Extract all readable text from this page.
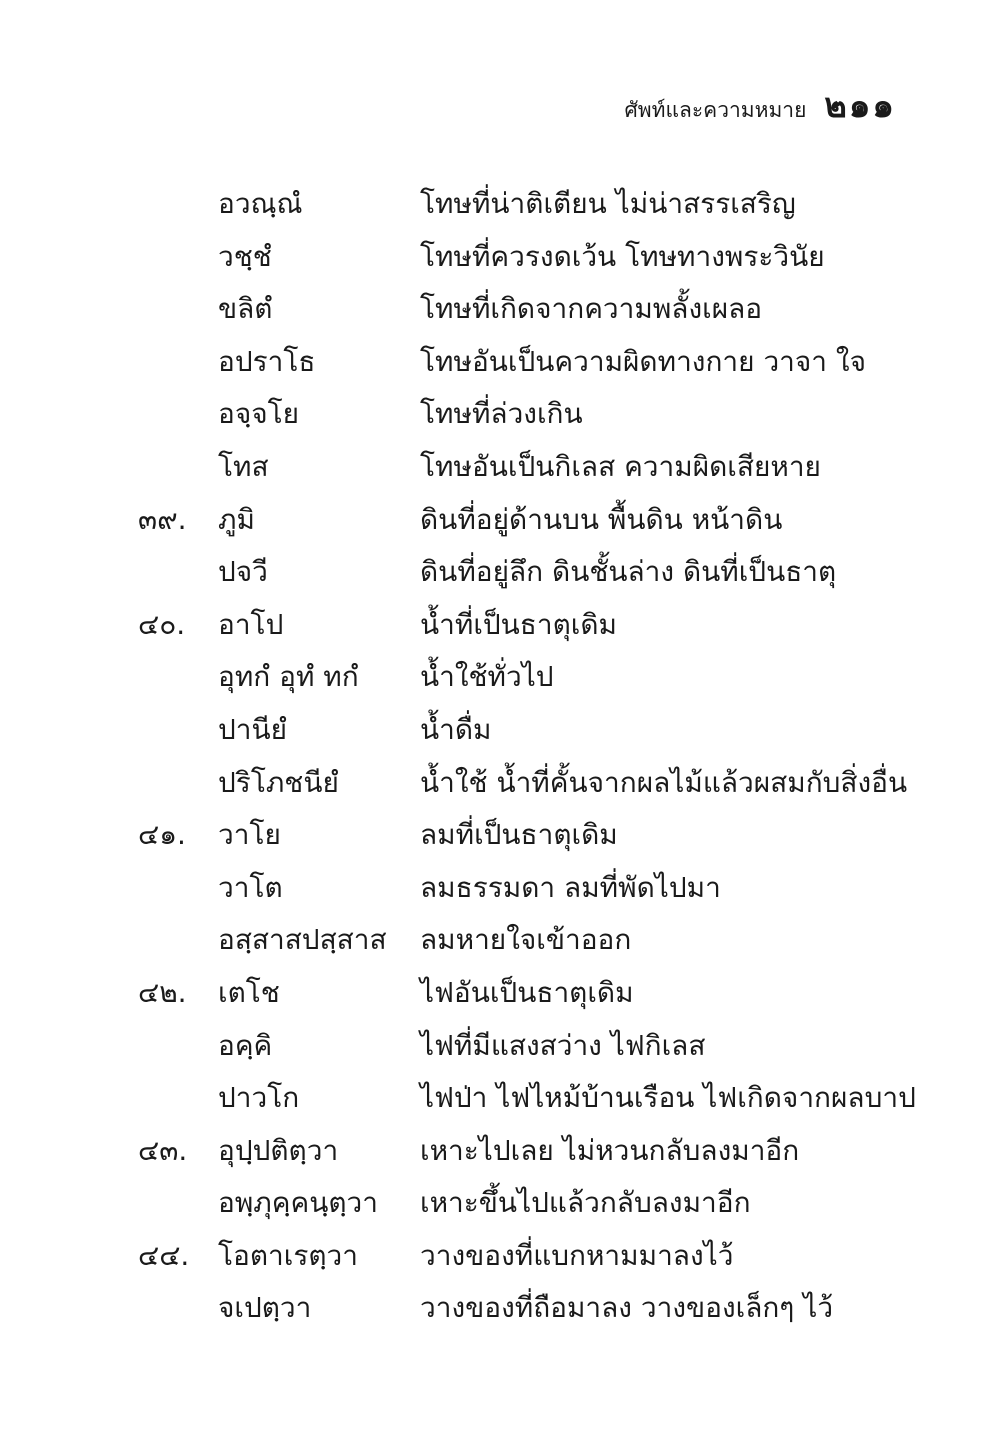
ศัพท์และความหมาย ๒๑๑
อวณฺณํ	โทษที่น่าติเตียน ไม่น่าสรรเสริญ
วชฺชํ	โทษที่ควรงดเว้น โทษทางพระวินัย
ขลิตํ	โทษที่เกิดจากความพลั้งเผลอ
อปราโธ	โทษอันเป็นความผิดทางกาย วาจา ใจ
อจฺจโย	โทษที่ล่วงเกิน
โทส	โทษอันเป็นกิเลส ความผิดเสียหาย
๓๙.	ภูมิ	ดินที่อยู่ด้านบน พื้นดิน หน้าดิน
ปจวี	ดินที่อยู่ลึก ดินชั้นล่าง ดินที่เป็นธาตุ
๔๐.	อาโป	น้ำที่เป็นธาตุเดิม
อุทกํ อุทํ ทกํ	น้ำใช้ทั่วไป
ปานียํ	น้ำดื่ม
ปริโภชนียํ	น้ำใช้ น้ำที่คั้นจากผลไม้แล้วผสมกับสิ่งอื่น
๔๑.	วาโย	ลมที่เป็นธาตุเดิม
วาโต	ลมธรรมดา ลมที่พัดไปมา
อสฺสาสปสฺสาส	ลมหายใจเข้าออก
๔๒.	เตโช	ไฟอันเป็นธาตุเดิม
อคฺคิ	ไฟที่มีแสงสว่าง ไฟกิเลส
ปาวโก	ไฟป่า ไฟไหม้บ้านเรือน ไฟเกิดจากผลบาป
๔๓.	อุปฺปติตฺวา	เหาะไปเลย ไม่หวนกลับลงมาอีก
อพฺภุคฺคนฺตฺวา	เหาะขึ้นไปแล้วกลับลงมาอีก
๔๔.	โอตาเรตฺวา	วางของที่แบกหามมาลงไว้
จเปตฺวา	วางของที่ถือมาลง วางของเล็กๆ ไว้
